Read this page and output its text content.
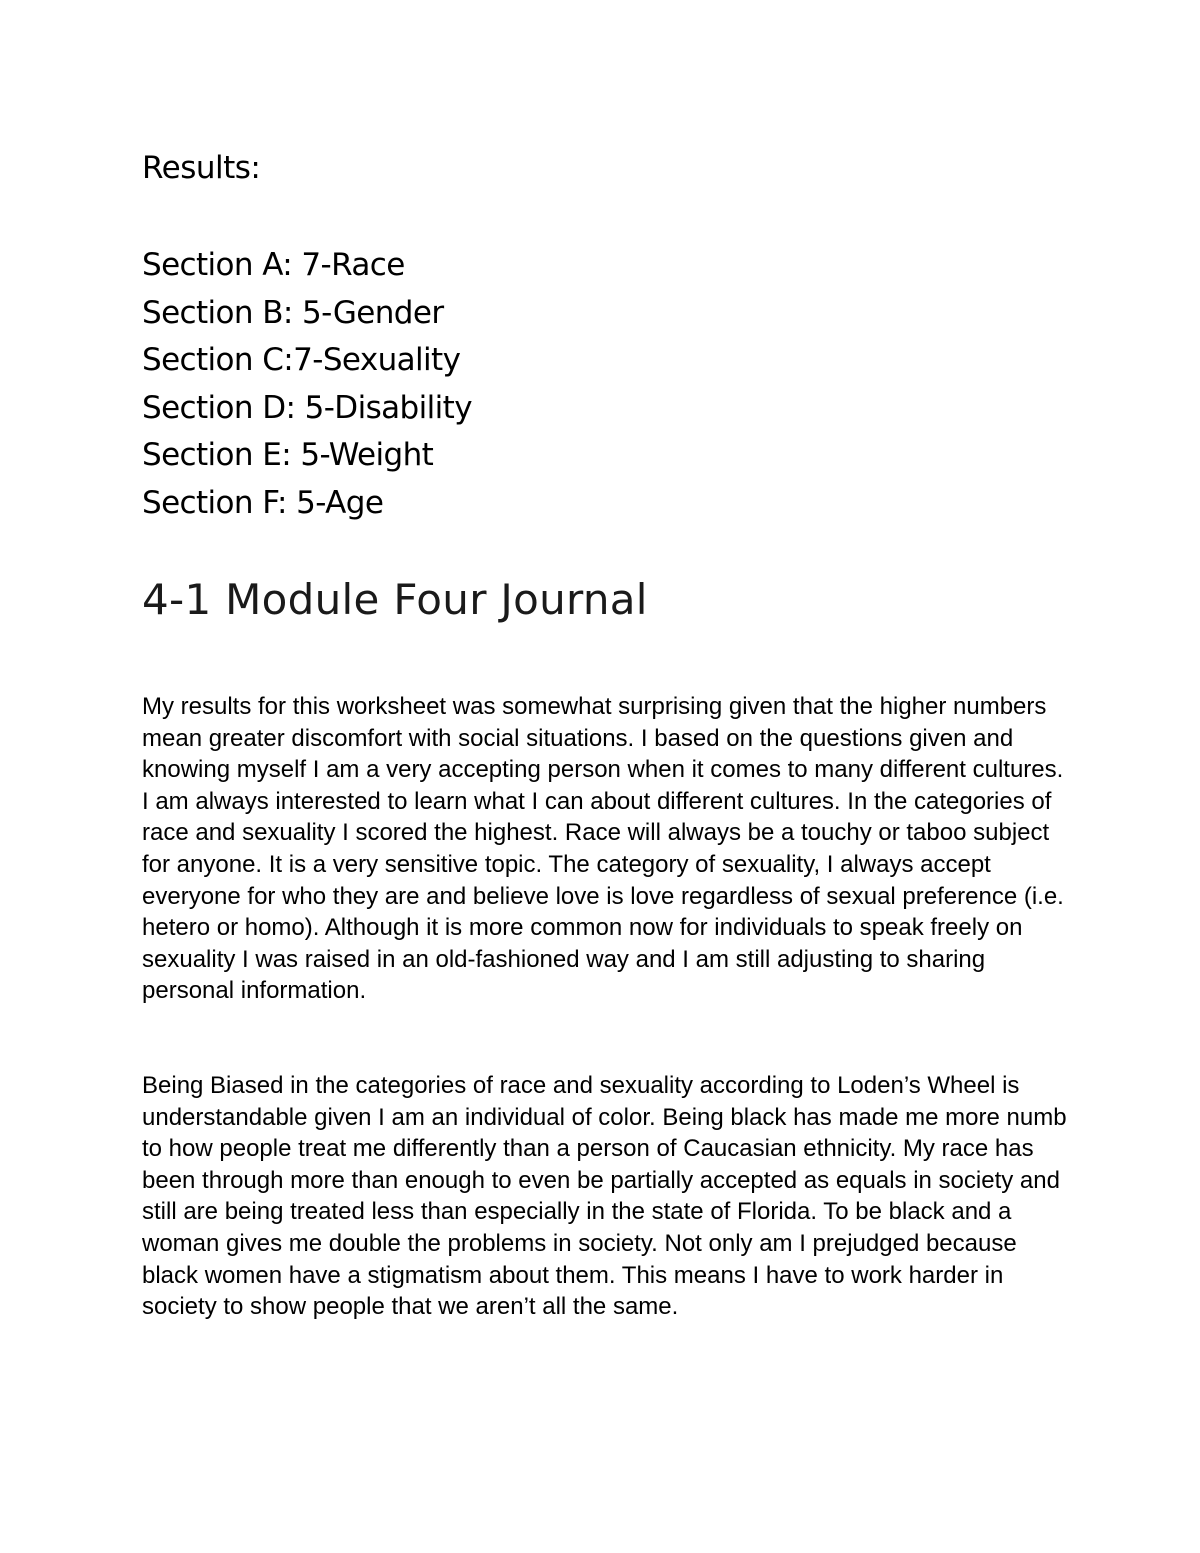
Results:

Section A: 7-Race
Section B: 5-Gender
Section C:7-Sexuality
Section D: 5-Disability
Section E: 5-Weight
Section F: 5-Age
4-1 Module Four Journal

My results for this worksheet was somewhat surprising given that the higher numbers mean greater discomfort with social situations. I based on the questions given and knowing myself I am a very accepting person when it comes to many different cultures. I am always interested to learn what I can about different cultures. In the categories of race and sexuality I scored the highest. Race will always be a touchy or taboo subject for anyone. It is a very sensitive topic. The category of sexuality, I always accept everyone for who they are and believe love is love regardless of sexual preference (i.e. hetero or homo). Although it is more common now for individuals to speak freely on sexuality I was raised in an old-fashioned way and I am still adjusting to sharing personal information.

Being Biased in the categories of race and sexuality according to Loden’s Wheel is understandable given I am an individual of color. Being black has made me more numb to how people treat me differently than a person of Caucasian ethnicity. My race has been through more than enough to even be partially accepted as equals in society and still are being treated less than especially in the state of Florida. To be black and a woman gives me double the problems in society. Not only am I prejudged because black women have a stigmatism about them. This means I have to work harder in society to show people that we aren’t all the same.
